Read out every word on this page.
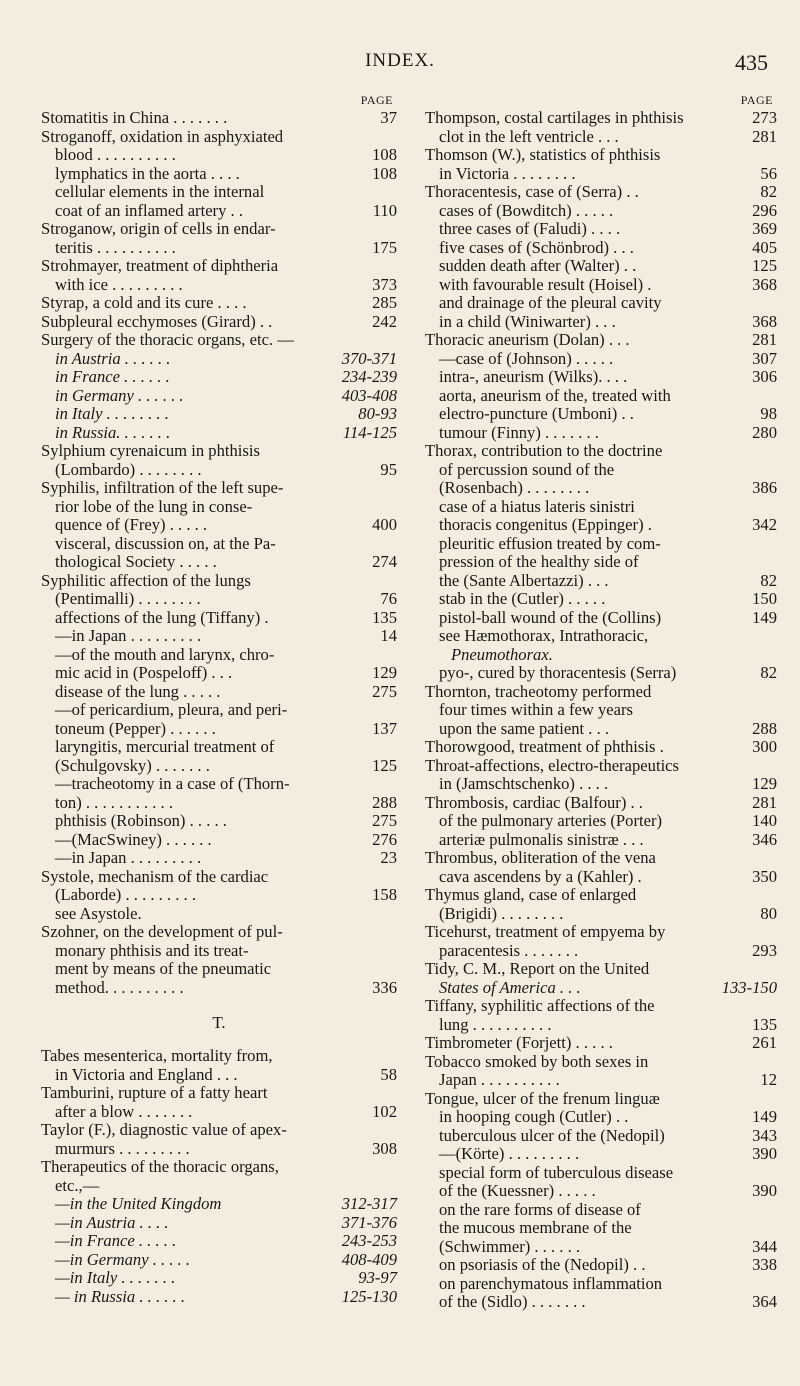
INDEX.	435
PAGE
Stomatitis in China . . . . . . .	37
Stroganoff, oxidation in asphyxiated
blood . . . . . . . . . .	108
lymphatics in the aorta . . . .	108
cellular elements in the internal
coat of an inflamed artery . .	110
Stroganow, origin of cells in endar-
teritis . . . . . . . . . .	175
Strohmayer, treatment of diphtheria
with ice . . . . . . . . .	373
Styrap, a cold and its cure . . . .	285
Subpleural ecchymoses (Girard) . .	242
Surgery of the thoracic organs, etc. —
in Austria . . . . . .	370-371
in France . . . . . .	234-239
in Germany . . . . . .	403-408
in Italy . . . . . . . .	80-93
in Russia. . . . . . .	114-125
Sylphium cyrenaicum in phthisis
(Lombardo) . . . . . . . .	95
Syphilis, infiltration of the left supe-
rior lobe of the lung in conse-
quence of (Frey) . . . . .	400
visceral, discussion on, at the Pa-
thological Society . . . . .	274
Syphilitic affection of the lungs
(Pentimalli) . . . . . . . .	76
affections of the lung (Tiffany) .	135
—in Japan . . . . . . . . .	14
—of the mouth and larynx, chro-
mic acid in (Pospeloff) . . .	129
disease of the lung . . . . .	275
—of pericardium, pleura, and peri-
toneum (Pepper) . . . . . .	137
laryngitis, mercurial treatment of
(Schulgovsky) . . . . . . .	125
—tracheotomy in a case of (Thorn-
ton) . . . . . . . . . . .	288
phthisis (Robinson) . . . . .	275
—(MacSwiney) . . . . . .	276
—in Japan . . . . . . . . .	23
Systole, mechanism of the cardiac
(Laborde) . . . . . . . . .	158
see Asystole.
Szohner, on the development of pul-
monary phthisis and its treat-
ment by means of the pneumatic
method. . . . . . . . . .	336
T.
Tabes mesenterica, mortality from,
in Victoria and England . . .	58
Tamburini, rupture of a fatty heart
after a blow . . . . . . .	102
Taylor (F.), diagnostic value of apex-
murmurs . . . . . . . . .	308
Therapeutics of the thoracic organs,
etc.,—
—in the United Kingdom	312-317
—in Austria . . . .	371-376
—in France . . . . .	243-253
—in Germany . . . . .	408-409
—in Italy . . . . . . .	93-97
— in Russia . . . . . .	125-130
PAGE
Thompson, costal cartilages in phthisis	273
clot in the left ventricle . . .	281
Thomson (W.), statistics of phthisis
in Victoria . . . . . . . .	56
Thoracentesis, case of (Serra) . .	82
cases of (Bowditch) . . . . .	296
three cases of (Faludi) . . . .	369
five cases of (Schönbrod) . . .	405
sudden death after (Walter) . .	125
with favourable result (Hoisel) .	368
and drainage of the pleural cavity
in a child (Winiwarter) . . .	368
Thoracic aneurism (Dolan) . . .	281
—case of (Johnson) . . . . .	307
intra-, aneurism (Wilks). . . .	306
aorta, aneurism of the, treated with
electro-puncture (Umboni) . .	98
tumour (Finny) . . . . . . .	280
Thorax, contribution to the doctrine
of percussion sound of the
(Rosenbach) . . . . . . . .	386
case of a hiatus lateris sinistri
thoracis congenitus (Eppinger) .	342
pleuritic effusion treated by com-
pression of the healthy side of
the (Sante Albertazzi) . . .	82
stab in the (Cutler) . . . . .	150
pistol-ball wound of the (Collins)	149
see Hæmothorax, Intrathoracic,
Pneumothorax.
pyo-, cured by thoracentesis (Serra)	82
Thornton, tracheotomy performed
four times within a few years
upon the same patient . . .	288
Thorowgood, treatment of phthisis .	300
Throat-affections, electro-therapeutics
in (Jamschtschenko) . . . .	129
Thrombosis, cardiac (Balfour) . .	281
of the pulmonary arteries (Porter)	140
arteriæ pulmonalis sinistræ . . .	346
Thrombus, obliteration of the vena
cava ascendens by a (Kahler) .	350
Thymus gland, case of enlarged
(Brigidi) . . . . . . . .	80
Ticehurst, treatment of empyema by
paracentesis . . . . . . .	293
Tidy, C. M., Report on the United
States of America . . .	133-150
Tiffany, syphilitic affections of the
lung . . . . . . . . . .	135
Timbrometer (Forjett) . . . . .	261
Tobacco smoked by both sexes in
Japan . . . . . . . . . .	12
Tongue, ulcer of the frenum linguæ
in hooping cough (Cutler) . .	149
tuberculous ulcer of the (Nedopil)	343
—(Körte) . . . . . . . . .	390
special form of tuberculous disease
of the (Kuessner) . . . . .	390
on the rare forms of disease of
the mucous membrane of the
(Schwimmer) . . . . . .	344
on psoriasis of the (Nedopil) . .	338
on parenchymatous inflammation
of the (Sidlo) . . . . . . .	364
